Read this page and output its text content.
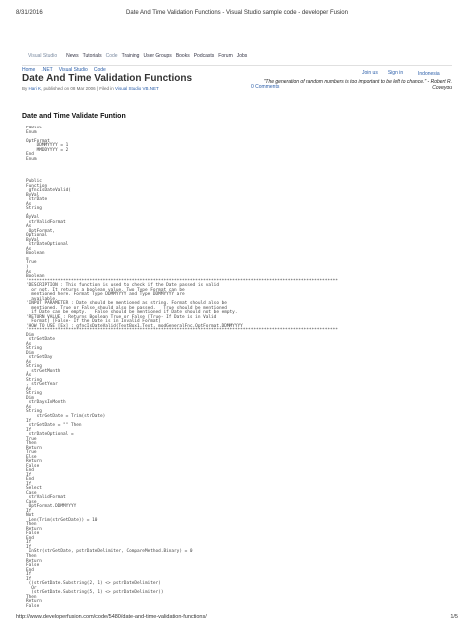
8/31/2016	Date And Time Validation Functions - Visual Studio sample code - developer Fusion
Visual Studio News Tutorials Code Training User Groups Books Podcasts Forum Jobs
Home .NET Visual Studio Code	Join us Sign in	Indonesia
Date And Time Validation Functions
By Hari K, published on 08 Mar 2006 | Filed in Visual Studio VB.NET
"The generation of random numbers is too important to be left to chance." - Robert R. Coveyou
0 Comments
Date and Time Validate Funtion
Public
Enum
OptFormat
DDMMYYYY = 1
MMDDYYYY = 2
End
Enum
Public
Function
gfncIsDateValid(
ByVal
strDate
As
String
,
ByVal
strValidFormat
As
OptFormat,
Optional
ByVal
strDateOptional
As
Boolean
=
True
)
As
Boolean
'*********************************************************************************************************************
'DESCRIPTION : This function is used to check if the Date passed is valid
or not. It returns a boolean value. Two Type Format can be
mentioned here. Format Type DDMMYYYY and Type DDMMYYYY are
available.
'INPUT PARAMETER : Date should be mentioned as string. Format should also be
mentioned. True or False should also be passed.   True should be mentioned
if Date can be empty.   False should be mentioned if Date should not be empty.
'RETURN VALUE : Returns Boolean True or False [True- If Date is in Valid
Format] [False- If the Date is in Invalid Format]
'HOW TO USE [Ex] : gfncIsDateValid(TextBox1.Text, modGeneralFnc.OptFormat.DDMMYYYY
'*********************************************************************************************************************
Dim
strGetDate
As
String
Dim
strGetDay
As
String
, strGetMonth
As
String
, strGetYear
As
String
Dim
strDaysInMonth
As
String
strGetDate = Trim(strDate)
If
strGetDate = "" Then
If
strDateOptional =
True
Then
Return
True
Else
Return
False
End
If
End
If
Select
Case
strValidFormat
Case
OptFormat.DDMMYYYY
If
Not
Len(Trim(strGetDate)) = 10
Then
Return
False
End
If
If
InStr(strGetDate, pstrDateDelimiter, CompareMethod.Binary) = 0
Then
Return
False
End
If
If
((strGetDate.Substring(2, 1) <> pstrDateDelimiter)
Or
(strGetDate.Substring(5, 1) <> pstrDateDelimiter))
Then
Return
False
http://www.developerfusion.com/code/5480/date-and-time-validation-functions/	1/5
